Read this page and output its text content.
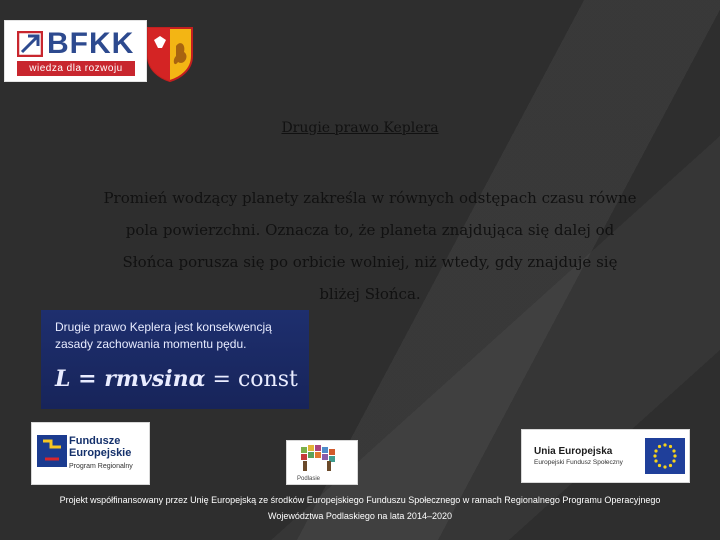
BFKK
wiedza dla rozwoju
Drugie prawo Keplera
Promień wodzący planety zakreśla w równych odstępach czasu równe pola powierzchni. Oznacza to, że planeta znajdująca się dalej od Słońca porusza się po orbicie wolniej, niż wtedy, gdy znajduje się bliżej Słońca.
Drugie prawo Keplera jest konsekwencją zasady zachowania momentu pędu.
L = rmvsinα = const
Fundusze
Europejskie
Program Regionalny
Podlasie
Unia Europejska
Europejski Fundusz Społeczny
Projekt współfinansowany przez Unię Europejską ze środków Europejskiego Funduszu Społecznego w ramach Regionalnego Programu Operacyjnego
Województwa Podlaskiego na lata 2014–2020
